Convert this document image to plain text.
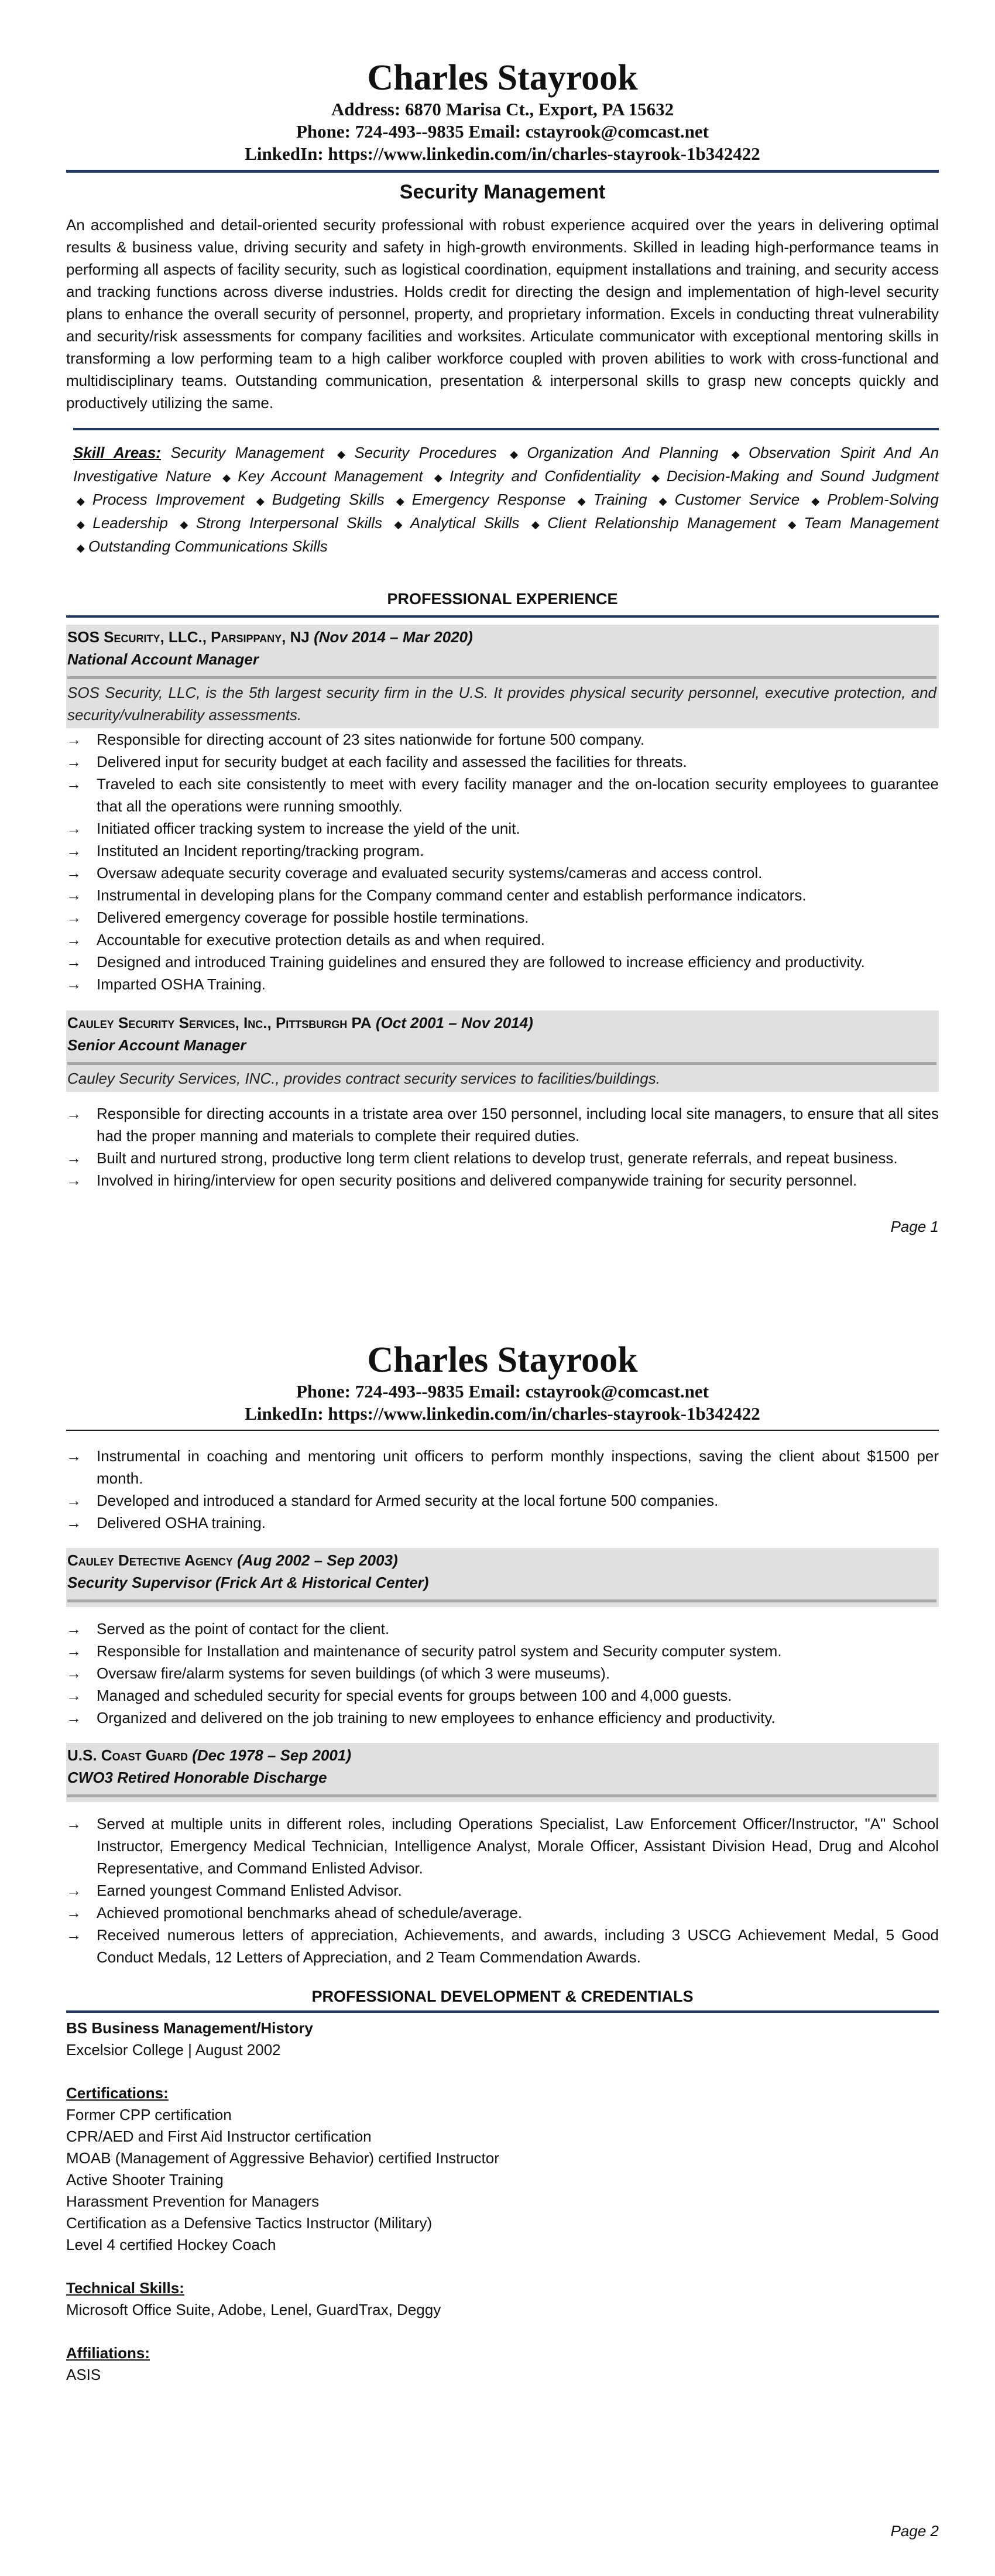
Charles Stayrook
Address: 6870 Marisa Ct., Export, PA 15632
Phone: 724-493--9835 Email: cstayrook@comcast.net
LinkedIn: https://www.linkedin.com/in/charles-stayrook-1b342422
Security Management

An accomplished and detail-oriented security professional with robust experience acquired over the years in delivering optimal results & business value, driving security and safety in high-growth environments. Skilled in leading high-performance teams in performing all aspects of facility security, such as logistical coordination, equipment installations and training, and security access and tracking functions across diverse industries. Holds credit for directing the design and implementation of high-level security plans to enhance the overall security of personnel, property, and proprietary information. Excels in conducting threat vulnerability and security/risk assessments for company facilities and worksites. Articulate communicator with exceptional mentoring skills in transforming a low performing team to a high caliber workforce coupled with proven abilities to work with cross-functional and multidisciplinary teams. Outstanding communication, presentation & interpersonal skills to grasp new concepts quickly and productively utilizing the same.

Skill Areas: Security Management ◆ Security Procedures ◆ Organization And Planning ◆ Observation Spirit And An Investigative Nature ◆ Key Account Management ◆ Integrity and Confidentiality ◆ Decision-Making and Sound Judgment ◆ Process Improvement ◆ Budgeting Skills ◆ Emergency Response ◆ Training ◆ Customer Service ◆ Problem-Solving ◆ Leadership ◆ Strong Interpersonal Skills ◆ Analytical Skills ◆ Client Relationship Management ◆ Team Management ◆ Outstanding Communications Skills
PROFESSIONAL EXPERIENCE
SOS Security, LLC., Parsippany, NJ (Nov 2014 – Mar 2020)
National Account Manager
SOS Security, LLC, is the 5th largest security firm in the U.S. It provides physical security personnel, executive protection, and security/vulnerability assessments.
→ Responsible for directing account of 23 sites nationwide for fortune 500 company.
→ Delivered input for security budget at each facility and assessed the facilities for threats.
→ Traveled to each site consistently to meet with every facility manager and the on-location security employees to guarantee that all the operations were running smoothly.
→ Initiated officer tracking system to increase the yield of the unit.
→ Instituted an Incident reporting/tracking program.
→ Oversaw adequate security coverage and evaluated security systems/cameras and access control.
→ Instrumental in developing plans for the Company command center and establish performance indicators.
→ Delivered emergency coverage for possible hostile terminations.
→ Accountable for executive protection details as and when required.
→ Designed and introduced Training guidelines and ensured they are followed to increase efficiency and productivity.
→ Imparted OSHA Training.
Cauley Security Services, Inc., Pittsburgh PA (Oct 2001 – Nov 2014)
Senior Account Manager
Cauley Security Services, INC., provides contract security services to facilities/buildings.
→ Responsible for directing accounts in a tristate area over 150 personnel, including local site managers, to ensure that all sites had the proper manning and materials to complete their required duties.
→ Built and nurtured strong, productive long term client relations to develop trust, generate referrals, and repeat business.
→ Involved in hiring/interview for open security positions and delivered companywide training for security personnel.
Page 1
Charles Stayrook
Phone: 724-493--9835 Email: cstayrook@comcast.net
LinkedIn: https://www.linkedin.com/in/charles-stayrook-1b342422
→ Instrumental in coaching and mentoring unit officers to perform monthly inspections, saving the client about $1500 per month.
→ Developed and introduced a standard for Armed security at the local fortune 500 companies.
→ Delivered OSHA training.
Cauley Detective Agency (Aug 2002 – Sep 2003)
Security Supervisor (Frick Art & Historical Center)
→ Served as the point of contact for the client.
→ Responsible for Installation and maintenance of security patrol system and Security computer system.
→ Oversaw fire/alarm systems for seven buildings (of which 3 were museums).
→ Managed and scheduled security for special events for groups between 100 and 4,000 guests.
→ Organized and delivered on the job training to new employees to enhance efficiency and productivity.
U.S. Coast Guard (Dec 1978 – Sep 2001)
CWO3 Retired Honorable Discharge
→ Served at multiple units in different roles, including Operations Specialist, Law Enforcement Officer/Instructor, "A" School Instructor, Emergency Medical Technician, Intelligence Analyst, Morale Officer, Assistant Division Head, Drug and Alcohol Representative, and Command Enlisted Advisor.
→ Earned youngest Command Enlisted Advisor.
→ Achieved promotional benchmarks ahead of schedule/average.
→ Received numerous letters of appreciation, Achievements, and awards, including 3 USCG Achievement Medal, 5 Good Conduct Medals, 12 Letters of Appreciation, and 2 Team Commendation Awards.
PROFESSIONAL DEVELOPMENT & CREDENTIALS
BS Business Management/History
Excelsior College | August 2002
Certifications:
Former CPP certification
CPR/AED and First Aid Instructor certification
MOAB (Management of Aggressive Behavior) certified Instructor
Active Shooter Training
Harassment Prevention for Managers
Certification as a Defensive Tactics Instructor (Military)
Level 4 certified Hockey Coach
Technical Skills:
Microsoft Office Suite, Adobe, Lenel, GuardTrax, Deggy
Affiliations:
ASIS
Page 2
